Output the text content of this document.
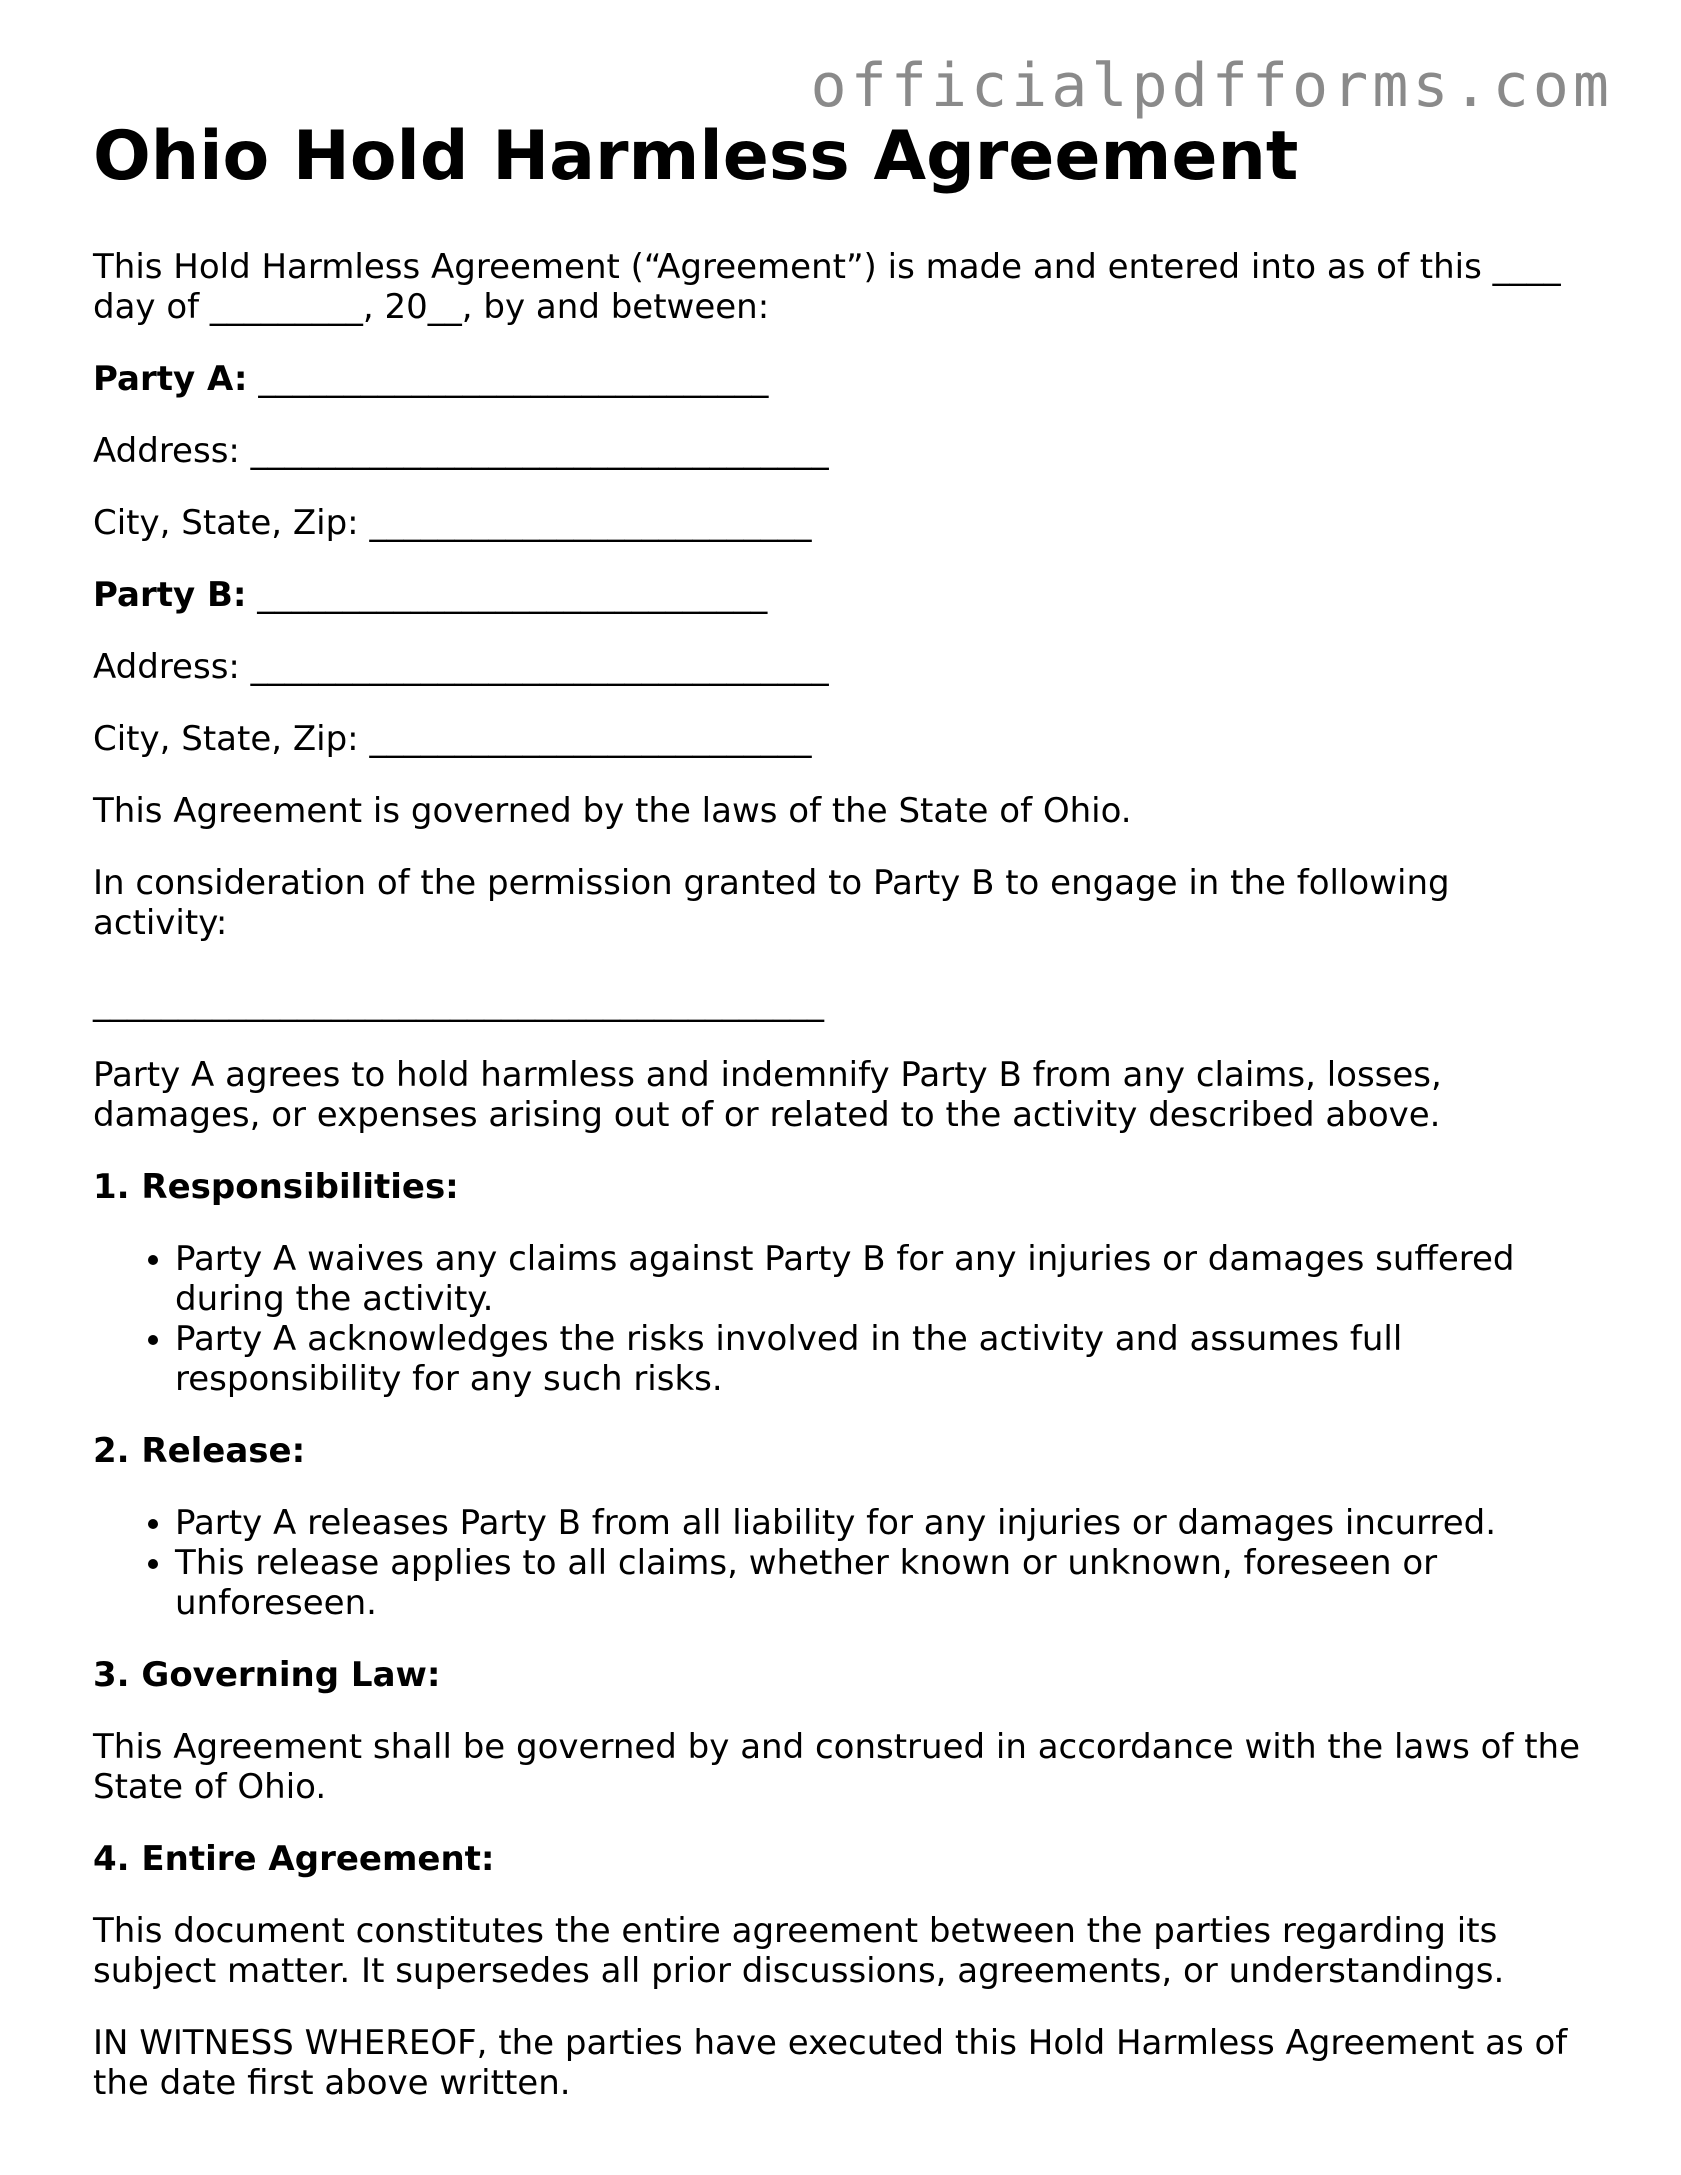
officialpdfforms.com
Ohio Hold Harmless Agreement

This Hold Harmless Agreement (“Agreement”) is made and entered into as of this ____ day of _________, 20__, by and between:

Party A: ______________________________

Address: __________________________________

City, State, Zip: __________________________

Party B: ______________________________

Address: __________________________________

City, State, Zip: __________________________

This Agreement is governed by the laws of the State of Ohio.

In consideration of the permission granted to Party B to engage in the following activity:

___________________________________________

Party A agrees to hold harmless and indemnify Party B from any claims, losses, damages, or expenses arising out of or related to the activity described above.

1. Responsibilities:

• Party A waives any claims against Party B for any injuries or damages suffered during the activity.
• Party A acknowledges the risks involved in the activity and assumes full responsibility for any such risks.

2. Release:

• Party A releases Party B from all liability for any injuries or damages incurred.
• This release applies to all claims, whether known or unknown, foreseen or unforeseen.

3. Governing Law:

This Agreement shall be governed by and construed in accordance with the laws of the State of Ohio.

4. Entire Agreement:

This document constitutes the entire agreement between the parties regarding its subject matter. It supersedes all prior discussions, agreements, or understandings.

IN WITNESS WHEREOF, the parties have executed this Hold Harmless Agreement as of the date first above written.
